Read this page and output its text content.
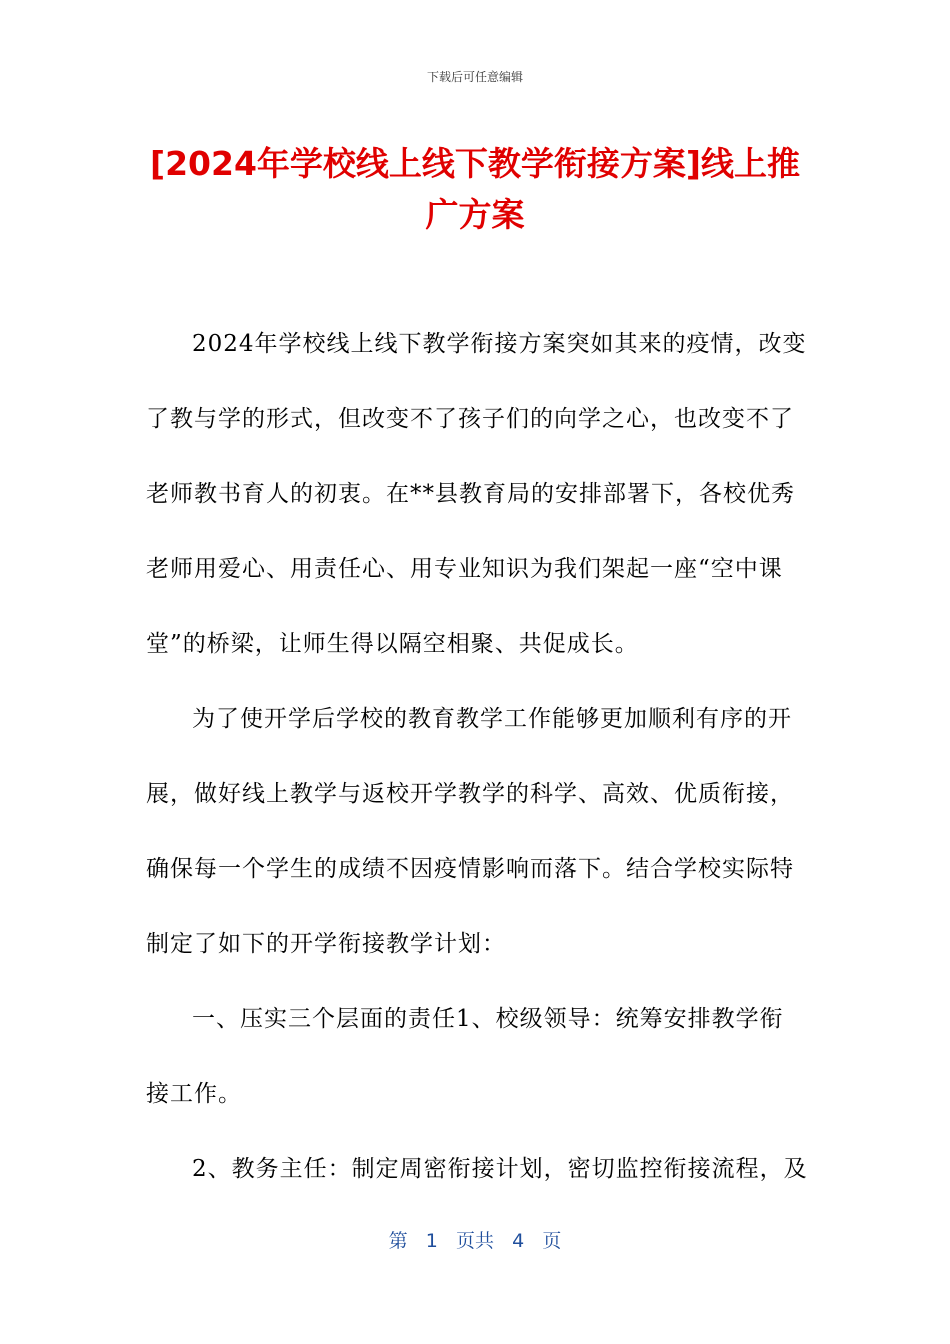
下载后可任意编辑
[2024年学校线上线下教学衔接方案]线上推
广方案
2024年学校线上线下教学衔接方案突如其来的疫情，改变
了教与学的形式，但改变不了孩子们的向学之心，也改变不了
老师教书育人的初衷。在**县教育局的安排部署下，各校优秀
老师用爱心、用责任心、用专业知识为我们架起一座“空中课
堂”的桥梁，让师生得以隔空相聚、共促成长。
为了使开学后学校的教育教学工作能够更加顺利有序的开
展，做好线上教学与返校开学教学的科学、高效、优质衔接，
确保每一个学生的成绩不因疫情影响而落下。结合学校实际特
制定了如下的开学衔接教学计划：
一、压实三个层面的责任1、校级领导：统筹安排教学衔
接工作。
2、教务主任：制定周密衔接计划，密切监控衔接流程，及
第 1 页共 4 页
